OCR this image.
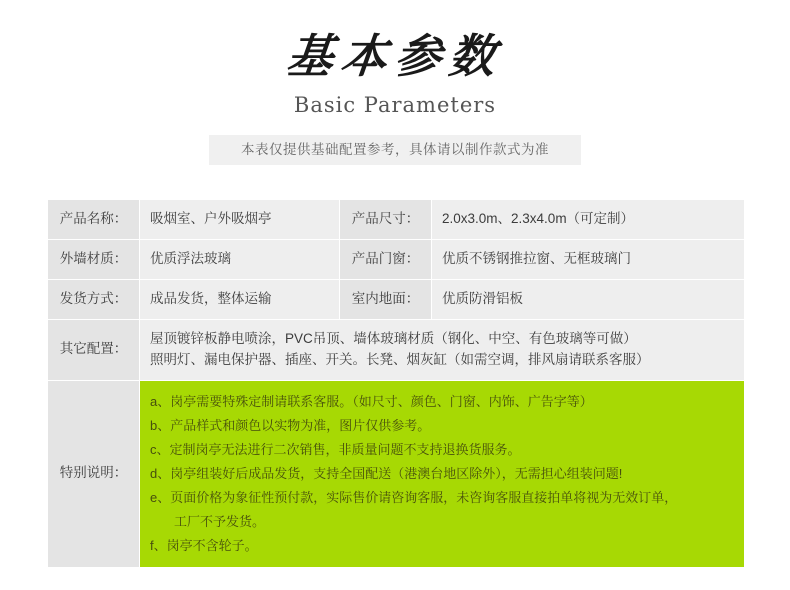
基本参数
Basic Parameters
本表仅提供基础配置参考，具体请以制作款式为准
产品名称：	吸烟室、户外吸烟亭	产品尺寸：	2.0x3.0m、2.3x4.0m（可定制）
外墙材质：	优质浮法玻璃	产品门窗：	优质不锈钢推拉窗、无框玻璃门
发货方式：	成品发货，整体运输	室内地面：	优质防滑铝板
其它配置：	屋顶镀锌板静电喷涂，PVC吊顶、墙体玻璃材质（钢化、中空、有色玻璃等可做）
照明灯、漏电保护器、插座、开关。长凳、烟灰缸（如需空调，排风扇请联系客服）		

特别说明：	
a、岗亭需要特殊定制请联系客服。（如尺寸、颜色、门窗、内饰、广告字等）
b、产品样式和颜色以实物为准，图片仅供参考。
c、定制岗亭无法进行二次销售，非质量问题不支持退换货服务。
d、岗亭组装好后成品发货，支持全国配送（港澳台地区除外），无需担心组装问题!
e、页面价格为象征性预付款，实际售价请咨询客服，未咨询客服直接拍单将视为无效订单，
工厂不予发货。
f、岗亭不含轮子。
